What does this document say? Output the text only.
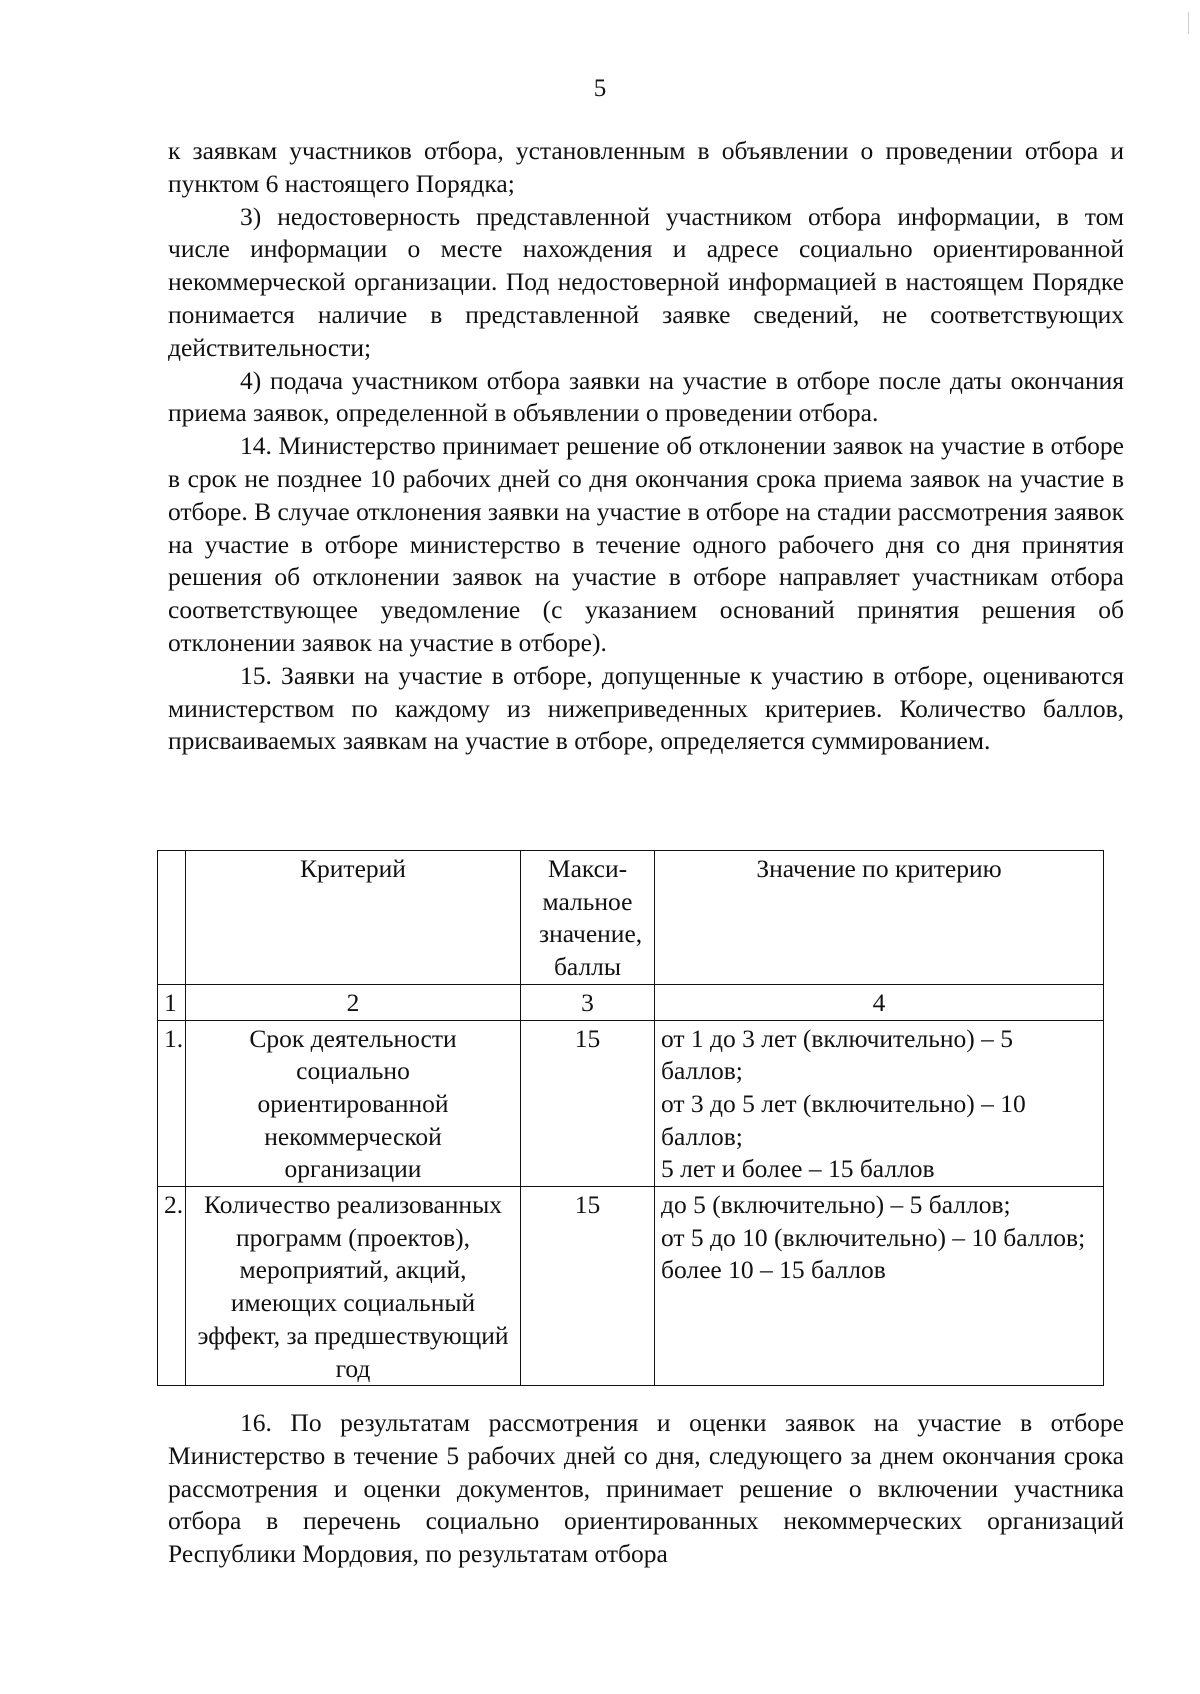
5

к заявкам участников отбора, установленным в объявлении о проведении отбора и пунктом 6 настоящего Порядка;

3) недостоверность представленной участником отбора информации, в том числе информации о месте нахождения и адресе социально ориентированной некоммерческой организации. Под недостоверной информацией в настоящем Порядке понимается наличие в представленной заявке сведений, не соответствующих действительности;

4) подача участником отбора заявки на участие в отборе после даты окончания приема заявок, определенной в объявлении о проведении отбора.

14. Министерство принимает решение об отклонении заявок на участие в отборе в срок не позднее 10 рабочих дней со дня окончания срока приема заявок на участие в отборе. В случае отклонения заявки на участие в отборе на стадии рассмотрения заявок на участие в отборе министерство в течение одного рабочего дня со дня принятия решения об отклонении заявок на участие в отборе направляет участникам отбора соответствующее уведомление (с указанием оснований принятия решения об отклонении заявок на участие в отборе).

15. Заявки на участие в отборе, допущенные к участию в отборе, оцениваются министерством по каждому из нижеприведенных критериев. Количество баллов, присваиваемых заявкам на участие в отборе, определяется суммированием.

	Критерий	Макси-мальное значение, баллы	Значение по критерию
1	2	3	4
1.	Срок деятельности социально ориентированной некоммерческой организации	15	от 1 до 3 лет (включительно) – 5 баллов;
от 3 до 5 лет (включительно) – 10 баллов;
5 лет и более – 15 баллов

2.	Количество реализованных программ (проектов), мероприятий, акций, имеющих социальный эффект, за предшествующий год	15	до 5 (включительно) – 5 баллов;
от 5 до 10 (включительно) – 10 баллов;
более 10 – 15 баллов

16. По результатам рассмотрения и оценки заявок на участие в отборе Министерство в течение 5 рабочих дней со дня, следующего за днем окончания срока рассмотрения и оценки документов, принимает решение о включении участника отбора в перечень социально ориентированных некоммерческих организаций Республики Мордовия, по результатам отбора
